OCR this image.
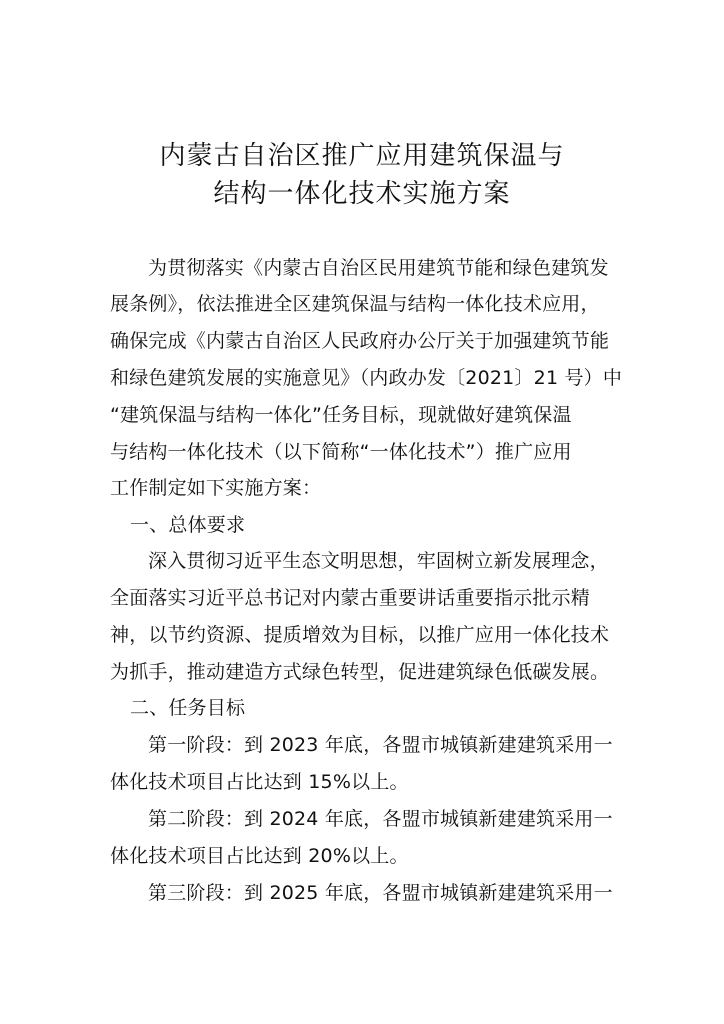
内蒙古自治区推广应用建筑保温与
结构一体化技术实施方案
为贯彻落实《内蒙古自治区民用建筑节能和绿色建筑发
展条例》，依法推进全区建筑保温与结构一体化技术应用，
确保完成《内蒙古自治区人民政府办公厅关于加强建筑节能
和绿色建筑发展的实施意见》（内政办发〔2021〕21 号）中
“建筑保温与结构一体化”任务目标，现就做好建筑保温
与结构一体化技术（以下简称“一体化技术”）推广应用
工作制定如下实施方案：
一、总体要求
深入贯彻习近平生态文明思想，牢固树立新发展理念，
全面落实习近平总书记对内蒙古重要讲话重要指示批示精
神，以节约资源、提质增效为目标，以推广应用一体化技术
为抓手，推动建造方式绿色转型，促进建筑绿色低碳发展。
二、任务目标
第一阶段：到 2023 年底，各盟市城镇新建建筑采用一
体化技术项目占比达到 15%以上。
第二阶段：到 2024 年底，各盟市城镇新建建筑采用一
体化技术项目占比达到 20%以上。
第三阶段：到 2025 年底，各盟市城镇新建建筑采用一
